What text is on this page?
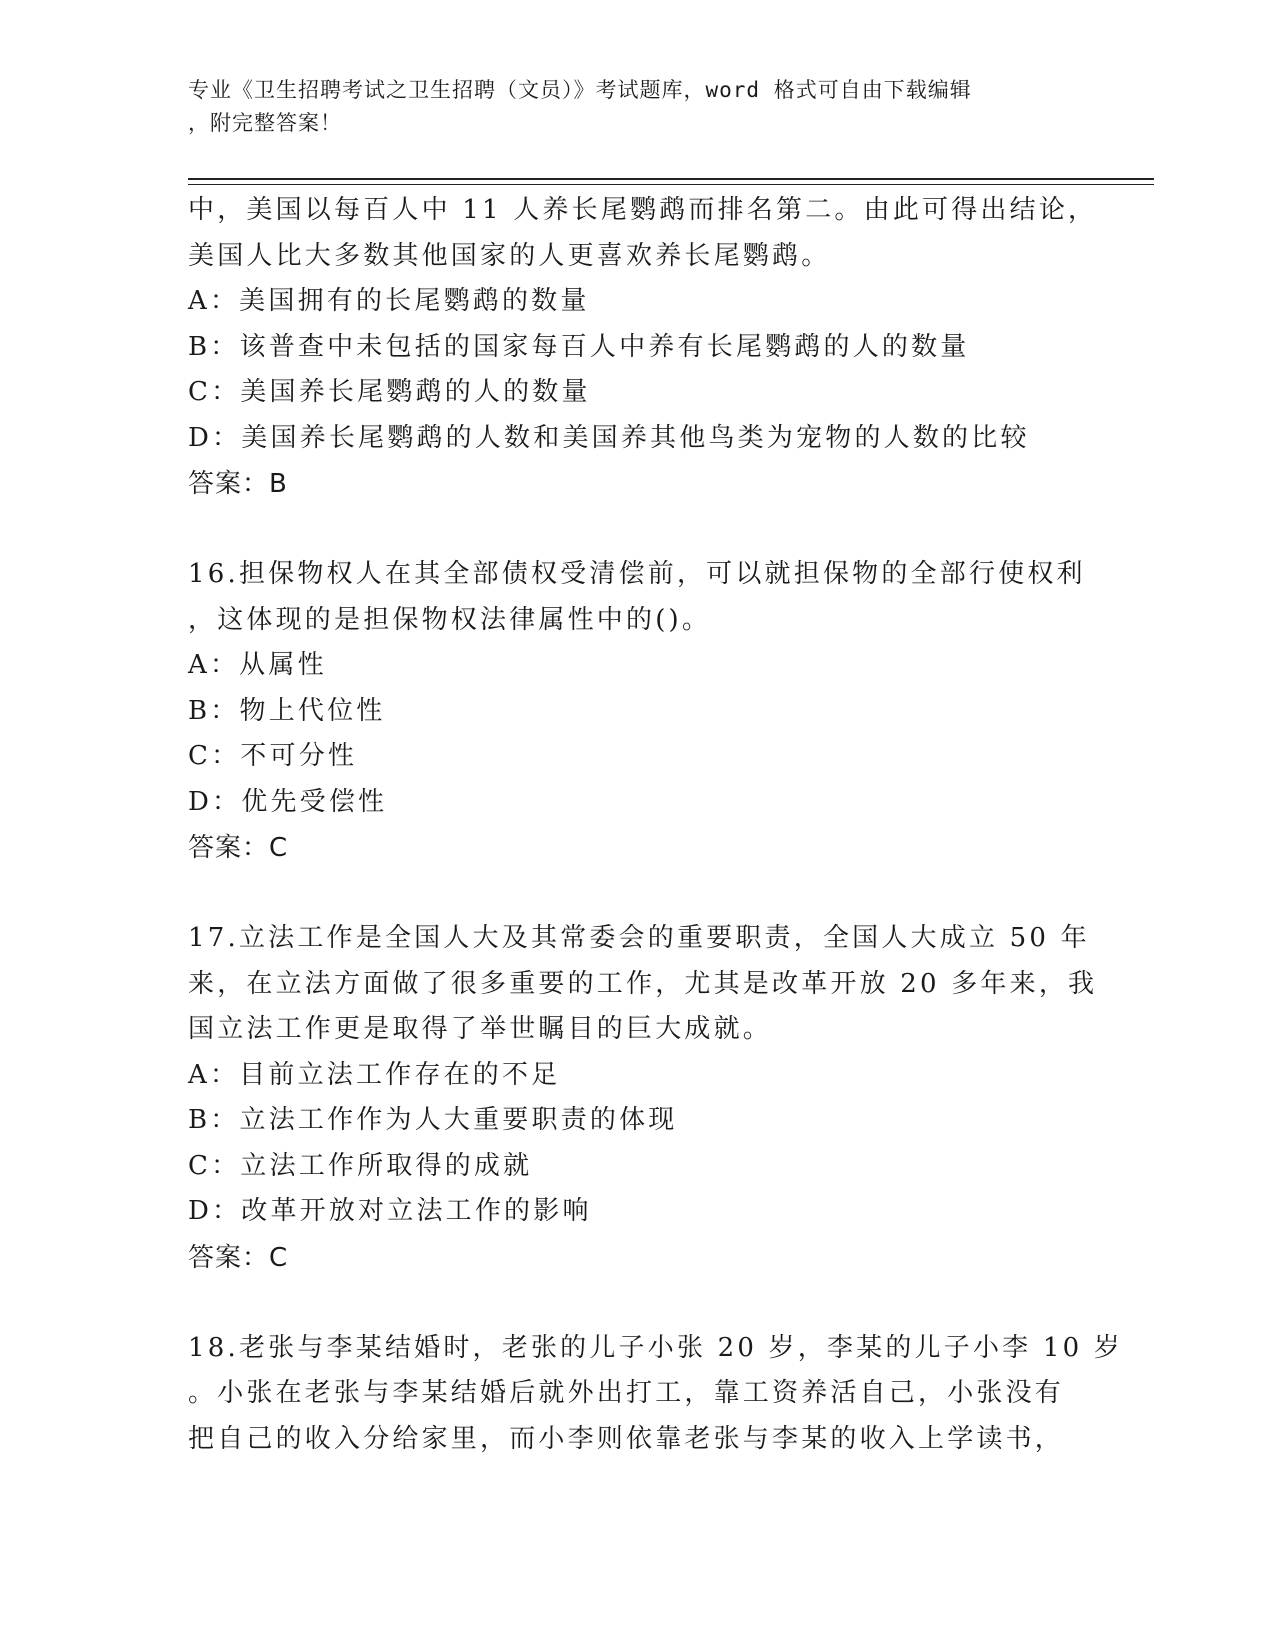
专业《卫生招聘考试之卫生招聘（文员）》考试题库，word 格式可自由下载编辑
，附完整答案！
中，美国以每百人中 11 人养长尾鹦鹉而排名第二。由此可得出结论，
美国人比大多数其他国家的人更喜欢养长尾鹦鹉。
A：美国拥有的长尾鹦鹉的数量
B：该普查中未包括的国家每百人中养有长尾鹦鹉的人的数量
C：美国养长尾鹦鹉的人的数量
D：美国养长尾鹦鹉的人数和美国养其他鸟类为宠物的人数的比较
答案：B
16.担保物权人在其全部债权受清偿前，可以就担保物的全部行使权利
，这体现的是担保物权法律属性中的()。
A：从属性
B：物上代位性
C：不可分性
D：优先受偿性
答案：C
17.立法工作是全国人大及其常委会的重要职责，全国人大成立 50 年
来，在立法方面做了很多重要的工作，尤其是改革开放 20 多年来，我
国立法工作更是取得了举世瞩目的巨大成就。
A：目前立法工作存在的不足
B：立法工作作为人大重要职责的体现
C：立法工作所取得的成就
D：改革开放对立法工作的影响
答案：C
18.老张与李某结婚时，老张的儿子小张 20 岁，李某的儿子小李 10 岁
。小张在老张与李某结婚后就外出打工，靠工资养活自己，小张没有
把自己的收入分给家里，而小李则依靠老张与李某的收入上学读书，
